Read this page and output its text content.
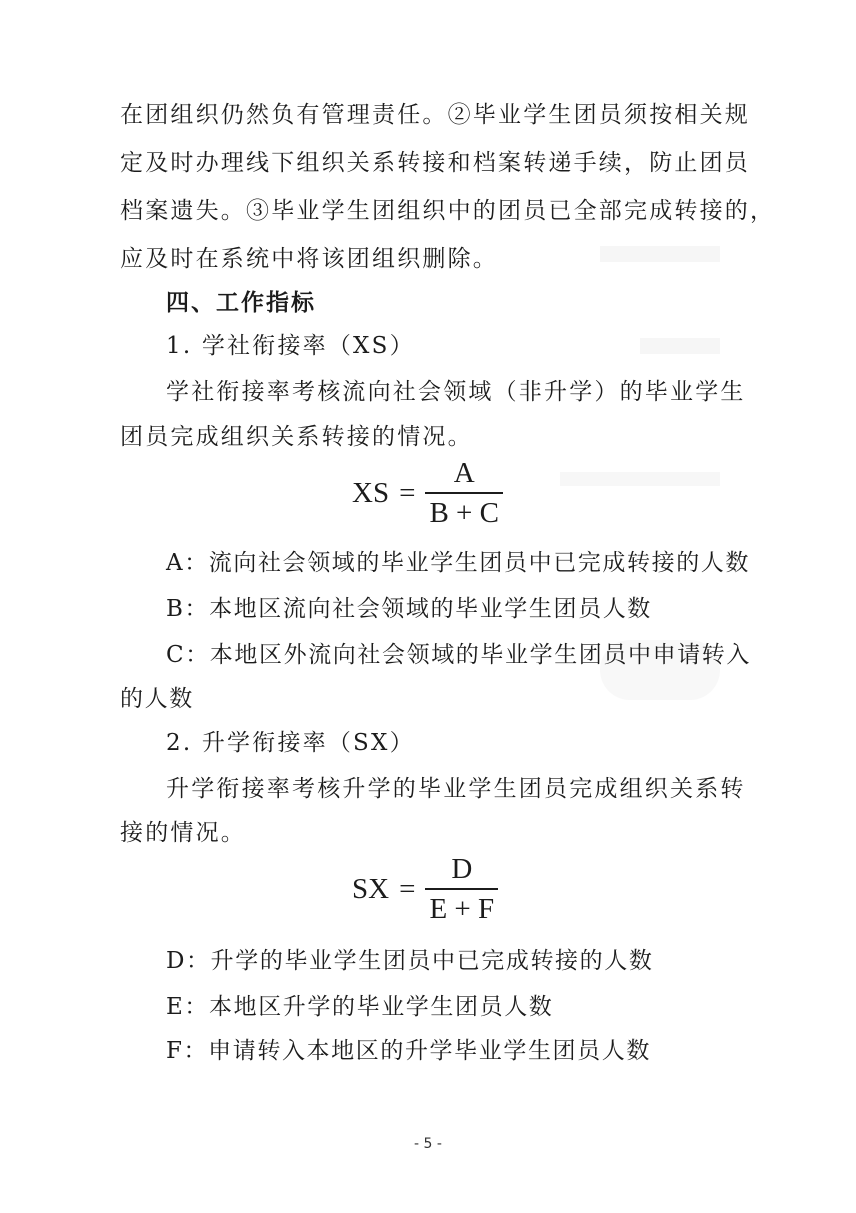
在团组织仍然负有管理责任。②毕业学生团员须按相关规
定及时办理线下组织关系转接和档案转递手续，防止团员
档案遗失。③毕业学生团组织中的团员已全部完成转接的，
应及时在系统中将该团组织删除。
四、工作指标
1. 学社衔接率（XS）
学社衔接率考核流向社会领域（非升学）的毕业学生
团员完成组织关系转接的情况。
XS = $\frac{A}{B + C}$
A：流向社会领域的毕业学生团员中已完成转接的人数
B：本地区流向社会领域的毕业学生团员人数
C：本地区外流向社会领域的毕业学生团员中申请转入
的人数
2. 升学衔接率（SX）
升学衔接率考核升学的毕业学生团员完成组织关系转
接的情况。
SX = $\frac{D}{E + F}$
D：升学的毕业学生团员中已完成转接的人数
E：本地区升学的毕业学生团员人数
F：申请转入本地区的升学毕业学生团员人数
- 5 -
